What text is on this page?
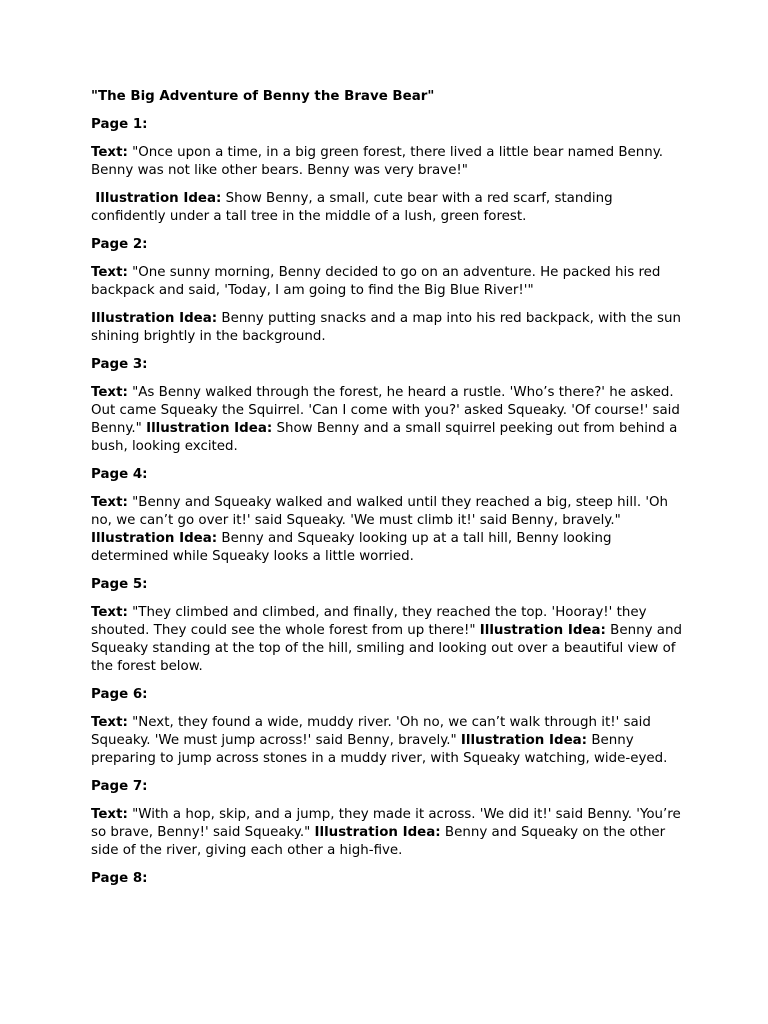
"The Big Adventure of Benny the Brave Bear"

Page 1:

Text: "Once upon a time, in a big green forest, there lived a little bear named Benny. Benny was not like other bears. Benny was very brave!"

Illustration Idea: Show Benny, a small, cute bear with a red scarf, standing confidently under a tall tree in the middle of a lush, green forest.

Page 2:

Text: "One sunny morning, Benny decided to go on an adventure. He packed his red backpack and said, 'Today, I am going to find the Big Blue River!'"

Illustration Idea: Benny putting snacks and a map into his red backpack, with the sun shining brightly in the background.

Page 3:

Text: "As Benny walked through the forest, he heard a rustle. 'Who’s there?' he asked. Out came Squeaky the Squirrel. 'Can I come with you?' asked Squeaky. 'Of course!' said Benny." Illustration Idea: Show Benny and a small squirrel peeking out from behind a bush, looking excited.

Page 4:

Text: "Benny and Squeaky walked and walked until they reached a big, steep hill. 'Oh no, we can’t go over it!' said Squeaky. 'We must climb it!' said Benny, bravely." Illustration Idea: Benny and Squeaky looking up at a tall hill, Benny looking determined while Squeaky looks a little worried.

Page 5:

Text: "They climbed and climbed, and finally, they reached the top. 'Hooray!' they shouted. They could see the whole forest from up there!" Illustration Idea: Benny and Squeaky standing at the top of the hill, smiling and looking out over a beautiful view of the forest below.

Page 6:

Text: "Next, they found a wide, muddy river. 'Oh no, we can’t walk through it!' said Squeaky. 'We must jump across!' said Benny, bravely." Illustration Idea: Benny preparing to jump across stones in a muddy river, with Squeaky watching, wide-eyed.

Page 7:

Text: "With a hop, skip, and a jump, they made it across. 'We did it!' said Benny. 'You’re so brave, Benny!' said Squeaky." Illustration Idea: Benny and Squeaky on the other side of the river, giving each other a high-five.

Page 8:
